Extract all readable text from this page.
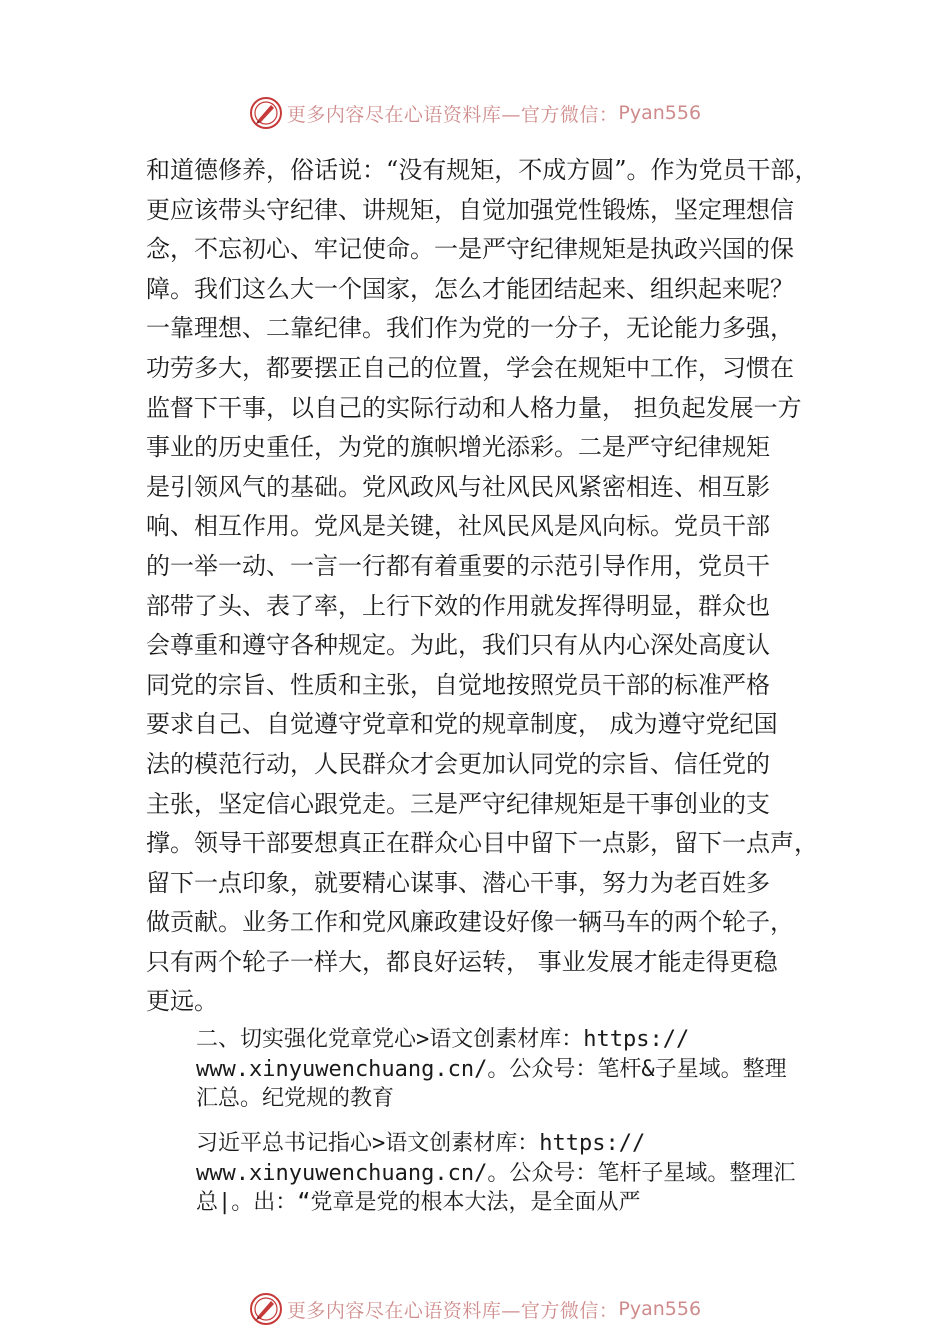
更多内容尽在心语资料库—官方微信： Pyan556
和道德修养，俗话说：“没有规矩，不成方圆”。作为党员干部，
更应该带头守纪律、讲规矩，自觉加强党性锻炼，坚定理想信
念，不忘初心、牢记使命。一是严守纪律规矩是执政兴国的保
障。我们这么大一个国家，怎么才能团结起来、组织起来呢？
一靠理想、二靠纪律。我们作为党的一分子，无论能力多强，
功劳多大，都要摆正自己的位置，学会在规矩中工作，习惯在
监督下干事，以自己的实际行动和人格力量， 担负起发展一方
事业的历史重任，为党的旗帜增光添彩。二是严守纪律规矩
是引领风气的基础。党风政风与社风民风紧密相连、相互影
响、相互作用。党风是关键，社风民风是风向标。党员干部
的一举一动、一言一行都有着重要的示范引导作用，党员干
部带了头、表了率，上行下效的作用就发挥得明显，群众也
会尊重和遵守各种规定。为此，我们只有从内心深处高度认
同党的宗旨、性质和主张，自觉地按照党员干部的标准严格
要求自己、自觉遵守党章和党的规章制度， 成为遵守党纪国
法的模范行动，人民群众才会更加认同党的宗旨、信任党的
主张，坚定信心跟党走。三是严守纪律规矩是干事创业的支
撑。领导干部要想真正在群众心目中留下一点影，留下一点声，
留下一点印象，就要精心谋事、潜心干事，努力为老百姓多
做贡献。业务工作和党风廉政建设好像一辆马车的两个轮子，
只有两个轮子一样大，都良好运转， 事业发展才能走得更稳
更远。
二、切实强化党章党心>语文创素材库：https://
www.xinyuwenchuang.cn/。公众号：笔杆&子星域。整理
汇总。纪党规的教育
习近平总书记指心>语文创素材库：https://
www.xinyuwenchuang.cn/。公众号：笔杆子星域。整理汇
总|。出：“党章是党的根本大法，是全面从严
更多内容尽在心语资料库—官方微信： Pyan556
